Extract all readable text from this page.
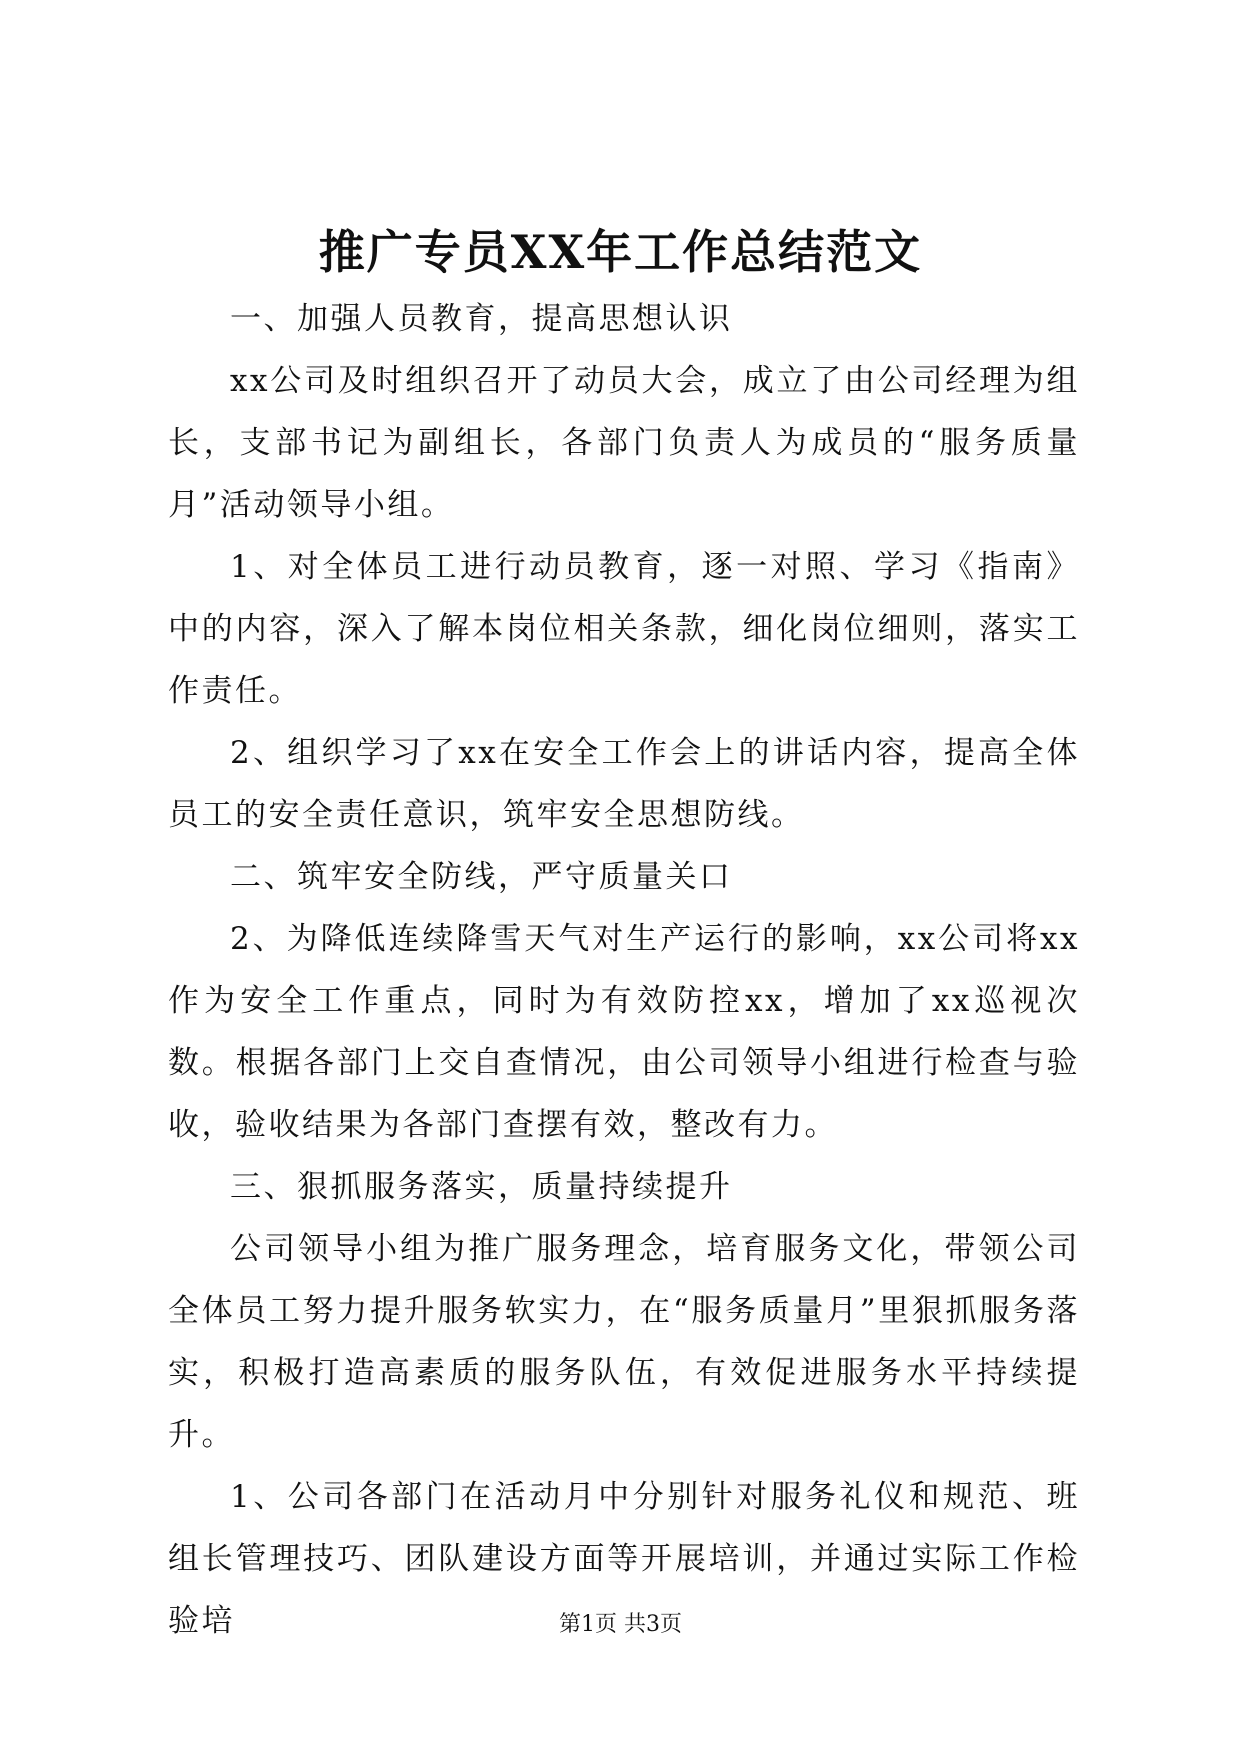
推广专员XX年工作总结范文

一、加强人员教育，提高思想认识

xx公司及时组织召开了动员大会，成立了由公司经理为组长，支部书记为副组长，各部门负责人为成员的“服务质量月”活动领导小组。

1、对全体员工进行动员教育，逐一对照、学习《指南》中的内容，深入了解本岗位相关条款，细化岗位细则，落实工作责任。

2、组织学习了xx在安全工作会上的讲话内容，提高全体员工的安全责任意识，筑牢安全思想防线。

二、筑牢安全防线，严守质量关口

2、为降低连续降雪天气对生产运行的影响，xx公司将xx作为安全工作重点，同时为有效防控xx，增加了xx巡视次数。根据各部门上交自查情况，由公司领导小组进行检查与验收，验收结果为各部门查摆有效，整改有力。

三、狠抓服务落实，质量持续提升

公司领导小组为推广服务理念，培育服务文化，带领公司全体员工努力提升服务软实力，在“服务质量月”里狠抓服务落实，积极打造高素质的服务队伍，有效促进服务水平持续提升。

1、公司各部门在活动月中分别针对服务礼仪和规范、班组长管理技巧、团队建设方面等开展培训，并通过实际工作检验培	第1页 共3页
